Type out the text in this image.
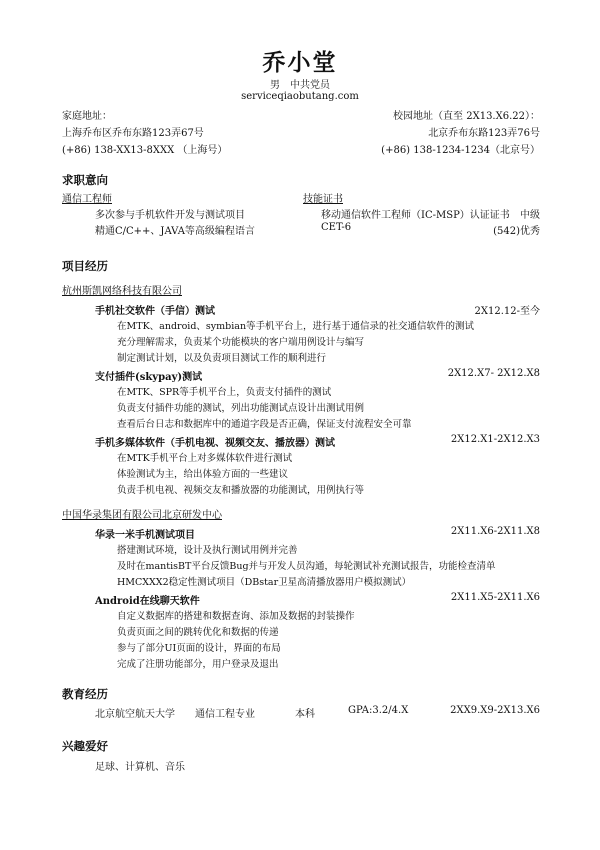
乔小堂
男　中共党员
serviceqiaobutang.com
家庭地址：
上海乔布区乔布东路123弄67号
(+86) 138-XX13-8XXX （上海号）
校园地址（直至 2X13.X6.22）：
北京乔布东路123弄76号
(+86) 138-1234-1234（北京号）
求职意向
通信工程师
多次参与手机软件开发与测试项目
精通C/C++、JAVA等高级编程语言
技能证书
移动通信软件工程师（IC-MSP）认证证书 中级
CET-6	(542)优秀
项目经历
杭州斯凯网络科技有限公司
手机社交软件（手信）测试	2X12.12-至今
在MTK、android、symbian等手机平台上，进行基于通信录的社交通信软件的测试
充分理解需求，负责某个功能模块的客户端用例设计与编写
制定测试计划，以及负责项目测试工作的顺利进行
支付插件(skypay)测试	2X12.X7- 2X12.X8
在MTK、SPR等手机平台上，负责支付插件的测试
负责支付插件功能的测试，列出功能测试点设计出测试用例
查看后台日志和数据库中的通道字段是否正确，保证支付流程安全可靠
手机多媒体软件（手机电视、视频交友、播放器）测试	2X12.X1-2X12.X3
在MTK手机平台上对多媒体软件进行测试
体验测试为主，给出体验方面的一些建议
负责手机电视、视频交友和播放器的功能测试，用例执行等
中国华录集团有限公司北京研发中心
华录一米手机测试项目	2X11.X6-2X11.X8
搭建测试环境，设计及执行测试用例并完善
及时在mantisBT平台反馈Bug并与开发人员沟通，每轮测试补充测试报告，功能检查清单
HMCXXX2稳定性测试项目（DBstar卫星高清播放器用户模拟测试）
Android在线聊天软件	2X11.X5-2X11.X6
自定义数据库的搭建和数据查询、添加及数据的封装操作
负责页面之间的跳转优化和数据的传递
参与了部分UI页面的设计，界面的布局
完成了注册功能部分，用户登录及退出
教育经历
北京航空航天大学 通信工程专业	本科	GPA:3.2/4.X	2XX9.X9-2X13.X6
兴趣爱好
足球、计算机、音乐
